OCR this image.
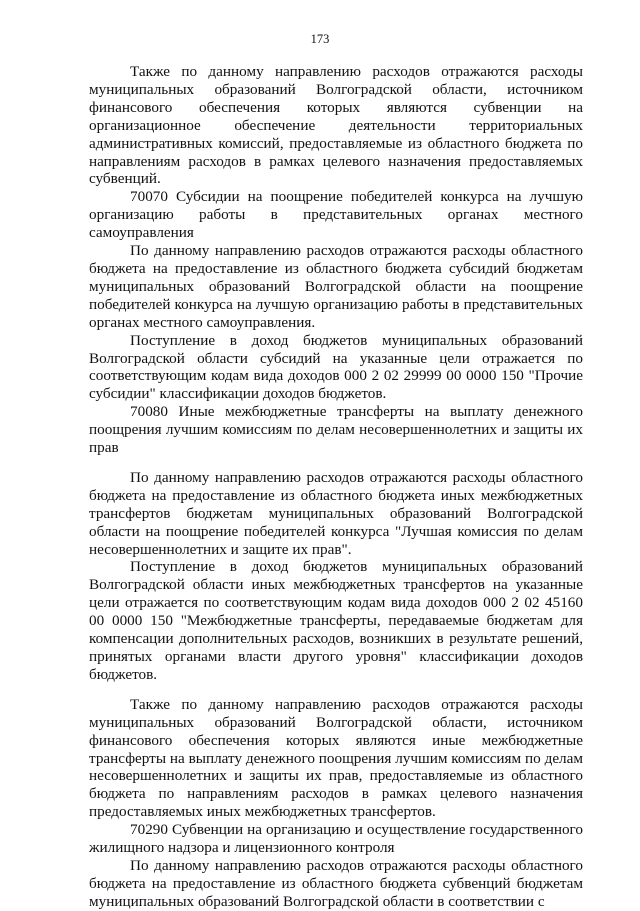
173

Также по данному направлению расходов отражаются расходы муниципальных образований Волгоградской области, источником финансового обеспечения которых являются субвенции на организационное обеспечение деятельности территориальных административных комиссий, предоставляемые из областного бюджета по направлениям расходов в рамках целевого назначения предоставляемых субвенций.

70070 Субсидии на поощрение победителей конкурса на лучшую организацию работы в представительных органах местного самоуправления

По данному направлению расходов отражаются расходы областного бюджета на предоставление из областного бюджета субсидий бюджетам муниципальных образований Волгоградской области на поощрение победителей конкурса на лучшую организацию работы в представительных органах местного самоуправления.

Поступление в доход бюджетов муниципальных образований Волгоградской области субсидий на указанные цели отражается по соответствующим кодам вида доходов 000 2 02 29999 00 0000 150 "Прочие субсидии" классификации доходов бюджетов.

70080 Иные межбюджетные трансферты на выплату денежного поощрения лучшим комиссиям по делам несовершеннолетних и защиты их прав

По данному направлению расходов отражаются расходы областного бюджета на предоставление из областного бюджета иных межбюджетных трансфертов бюджетам муниципальных образований Волгоградской области на поощрение победителей конкурса "Лучшая комиссия по делам несовершеннолетних и защите их прав".

Поступление в доход бюджетов муниципальных образований Волгоградской области иных межбюджетных трансфертов на указанные цели отражается по соответствующим кодам вида доходов 000 2 02 45160 00 0000 150 "Межбюджетные трансферты, передаваемые бюджетам для компенсации дополнительных расходов, возникших в результате решений, принятых органами власти другого уровня" классификации доходов бюджетов.

Также по данному направлению расходов отражаются расходы муниципальных образований Волгоградской области, источником финансового обеспечения которых являются иные межбюджетные трансферты на выплату денежного поощрения лучшим комиссиям по делам несовершеннолетних и защиты их прав, предоставляемые из областного бюджета по направлениям расходов в рамках целевого назначения предоставляемых иных межбюджетных трансфертов.

70290 Субвенции на организацию и осуществление государственного жилищного надзора и лицензионного контроля

По данному направлению расходов отражаются расходы областного бюджета на предоставление из областного бюджета субвенций бюджетам муниципальных образований Волгоградской области в соответствии с
